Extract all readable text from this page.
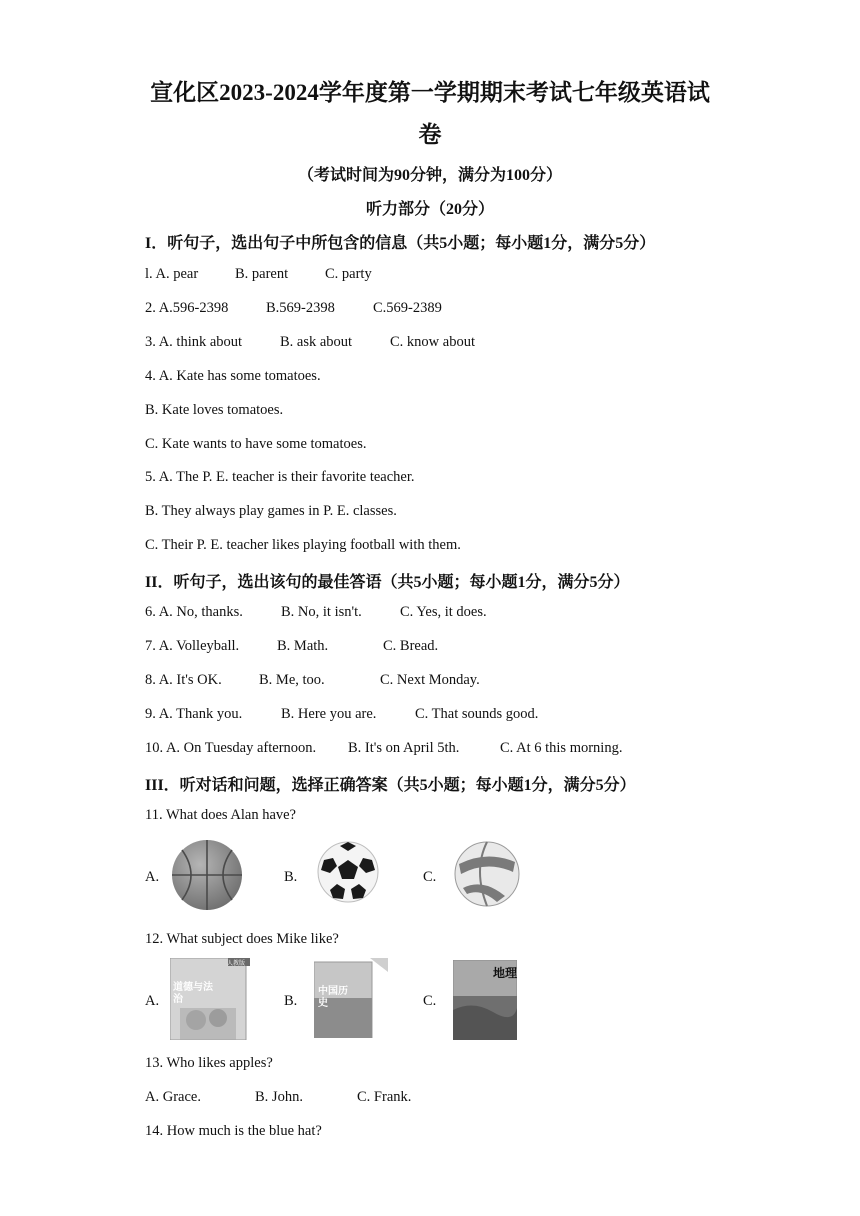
宣化区2023-2024学年度第一学期期末考试七年级英语试
卷
（考试时间为90分钟，满分为100分）
听力部分（20分）
I．听句子，选出句子中所包含的信息（共5小题；每小题1分，满分5分）
l. A. pear	B. parent	C. party
2. A.596-2398	B.569-2398	C.569-2389
3. A. think about	B. ask about	C. know about
4. A. Kate has some tomatoes.
B. Kate loves tomatoes.
C. Kate wants to have some tomatoes.
5. A. The P. E. teacher is their favorite teacher.
B. They always play games in P. E. classes.
C. Their P. E. teacher likes playing football with them.
II．听句子，选出该句的最佳答语（共5小题；每小题1分，满分5分）
6. A. No, thanks.	B. No, it isn't.	C. Yes, it does.
7. A. Volleyball.	B. Math.	C. Bread.
8. A. It's OK.	B. Me, too.	C. Next Monday.
9. A. Thank you.	B. Here you are.	C. That sounds good.
10. A. On Tuesday afternoon. B. It's on April 5th.	C. At 6 this morning.
III．听对话和问题，选择正确答案（共5小题；每小题1分，满分5分）
11. What does Alan have?
A.	B.	C.
12. What subject does Mike like?
A.
道德与法治
人教版
B.
中国历史	C.
地理
13. Who likes apples?
A. Grace.	B. John.	C. Frank.
14. How much is the blue hat?
